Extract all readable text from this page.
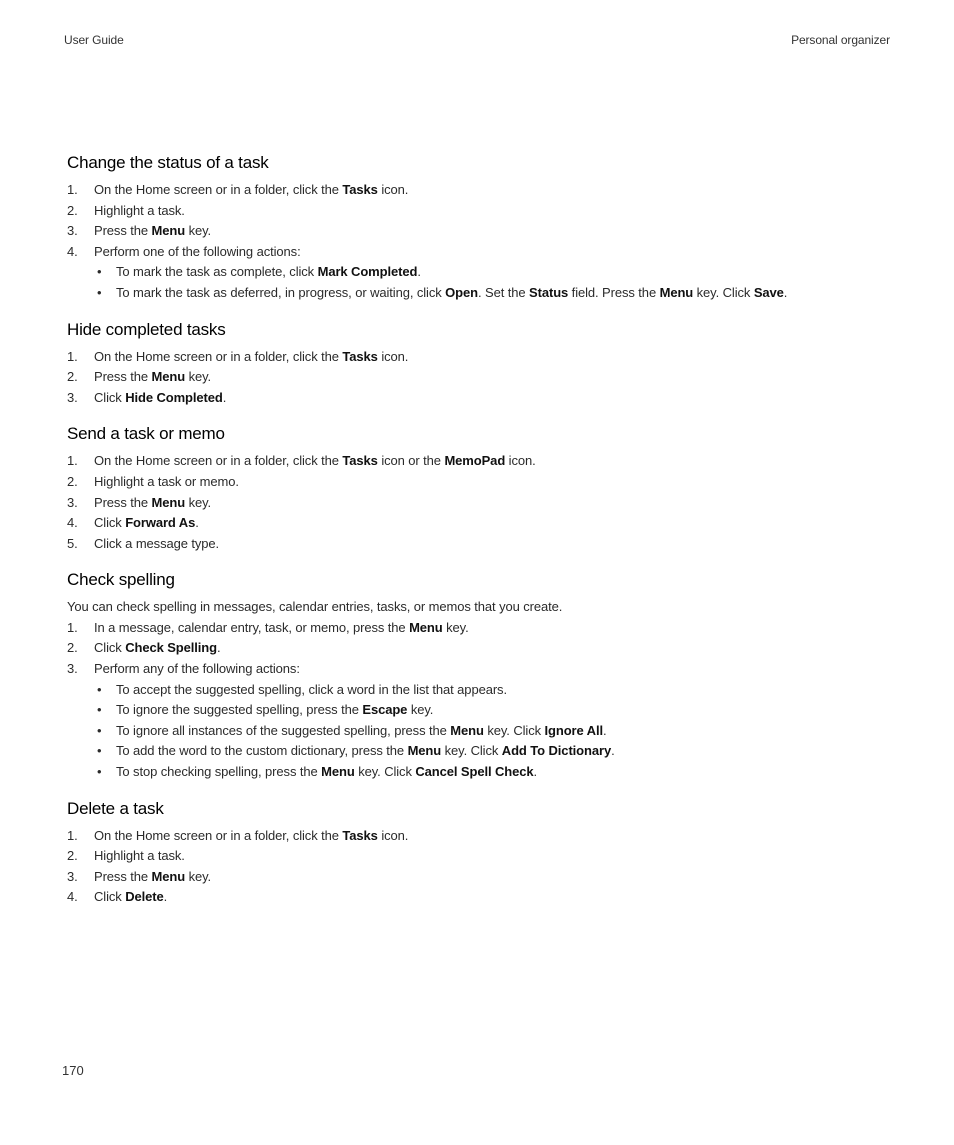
User Guide	Personal organizer
Change the status of a task
1. On the Home screen or in a folder, click the Tasks icon.
2. Highlight a task.
3. Press the Menu key.
4. Perform one of the following actions:
• To mark the task as complete, click Mark Completed.
• To mark the task as deferred, in progress, or waiting, click Open. Set the Status field. Press the Menu key. Click Save.
Hide completed tasks
1. On the Home screen or in a folder, click the Tasks icon.
2. Press the Menu key.
3. Click Hide Completed.
Send a task or memo
1. On the Home screen or in a folder, click the Tasks icon or the MemoPad icon.
2. Highlight a task or memo.
3. Press the Menu key.
4. Click Forward As.
5. Click a message type.
Check spelling

You can check spelling in messages, calendar entries, tasks, or memos that you create.

1. In a message, calendar entry, task, or memo, press the Menu key.
2. Click Check Spelling.
3. Perform any of the following actions:
• To accept the suggested spelling, click a word in the list that appears.
• To ignore the suggested spelling, press the Escape key.
• To ignore all instances of the suggested spelling, press the Menu key. Click Ignore All.
• To add the word to the custom dictionary, press the Menu key. Click Add To Dictionary.
• To stop checking spelling, press the Menu key. Click Cancel Spell Check.
Delete a task
1. On the Home screen or in a folder, click the Tasks icon.
2. Highlight a task.
3. Press the Menu key.
4. Click Delete.
170
